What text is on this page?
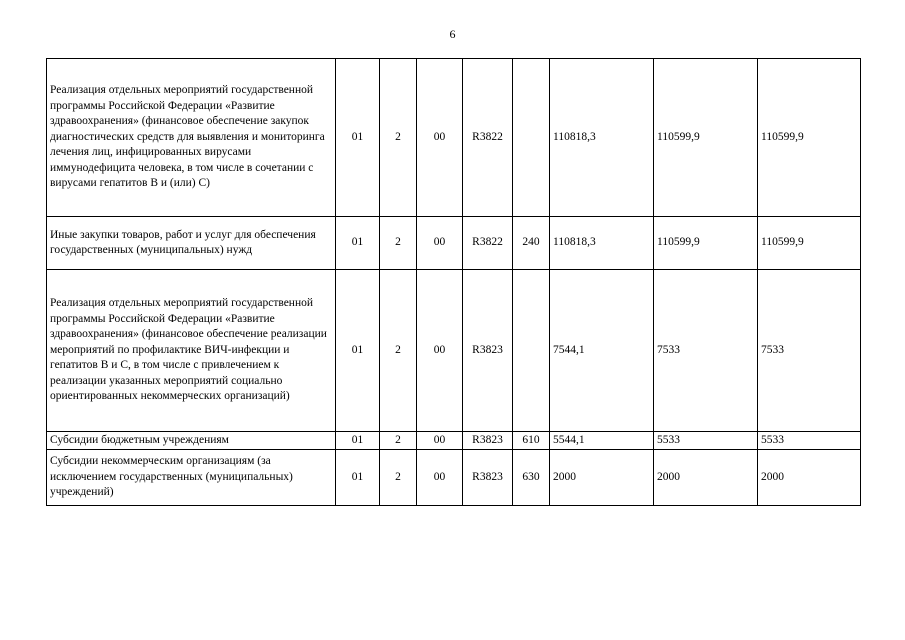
6
Реализация отдельных мероприятий государственной программы Российской Федерации «Развитие здравоохранения» (финансовое обеспечение закупок диагностических средств для выявления и мониторинга лечения лиц, инфицированных вирусами иммунодефицита человека, в том числе в сочетании с вирусами гепатитов В и (или) С)	01	2	00	R3822		110818,3	110599,9	110599,9
Иные закупки товаров, работ и услуг для обеспечения государственных (муниципальных) нужд	01	2	00	R3822	240	110818,3	110599,9	110599,9
Реализация отдельных мероприятий государственной программы Российской Федерации «Развитие здравоохранения» (финансовое обеспечение реализации мероприятий по профилактике ВИЧ-инфекции и гепатитов В и С, в том числе с привлечением к реализации указанных мероприятий социально ориентированных некоммерческих организаций)	01	2	00	R3823		7544,1	7533	7533
Субсидии бюджетным учреждениям	01	2	00	R3823	610	5544,1	5533	5533
Субсидии некоммерческим организациям (за исключением государственных (муниципальных) учреждений)	01	2	00	R3823	630	2000	2000	2000
